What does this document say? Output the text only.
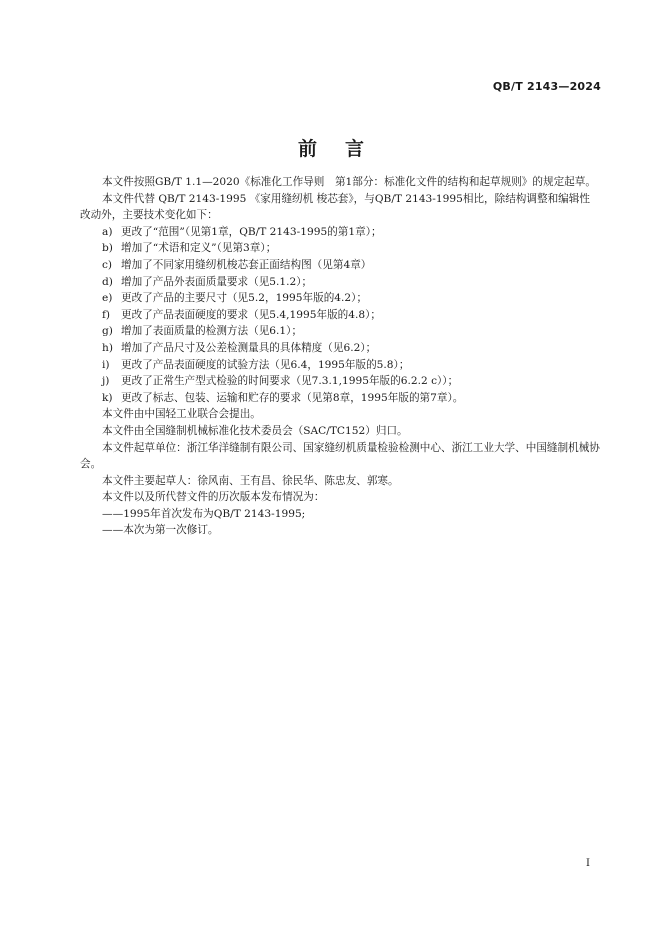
QB/T 2143—2024
前言

本文件按照GB/T 1.1—2020《标准化工作导则　第1部分：标准化文件的结构和起草规则》的规定起草。

本文件代替 QB/T 2143-1995 《家用缝纫机 梭芯套》，与QB/T 2143-1995相比，除结构调整和编辑性改动外，主要技术变化如下：

a) 更改了“范围”（见第1章，QB/T 2143-1995的第1章）；

b) 增加了“术语和定义”（见第3章）；

c) 增加了不同家用缝纫机梭芯套正面结构图（见第4章）

d) 增加了产品外表面质量要求（见5.1.2）；

e) 更改了产品的主要尺寸（见5.2，1995年版的4.2）；

f)	更改了产品表面硬度的要求（见5.4,1995年版的4.8）；

g) 增加了表面质量的检测方法（见6.1）；

h) 增加了产品尺寸及公差检测量具的具体精度（见6.2）；

i)	更改了产品表面硬度的试验方法（见6.4，1995年版的5.8）；

j)	更改了正常生产型式检验的时间要求（见7.3.1,1995年版的6.2.2 c））；

k) 更改了标志、包装、运输和贮存的要求（见第8章，1995年版的第7章）。

本文件由中国轻工业联合会提出。

本文件由全国缝制机械标准化技术委员会（SAC/TC152）归口。

本文件起草单位：浙江华洋缝制有限公司、国家缝纫机质量检验检测中心、浙江工业大学、中国缝制机械协会。

本文件主要起草人：徐风南、王有昌、徐民华、陈忠友、郭寒。

本文件以及所代替文件的历次版本发布情况为：

——1995年首次发布为QB/T 2143-1995;

——本次为第一次修订。

I
